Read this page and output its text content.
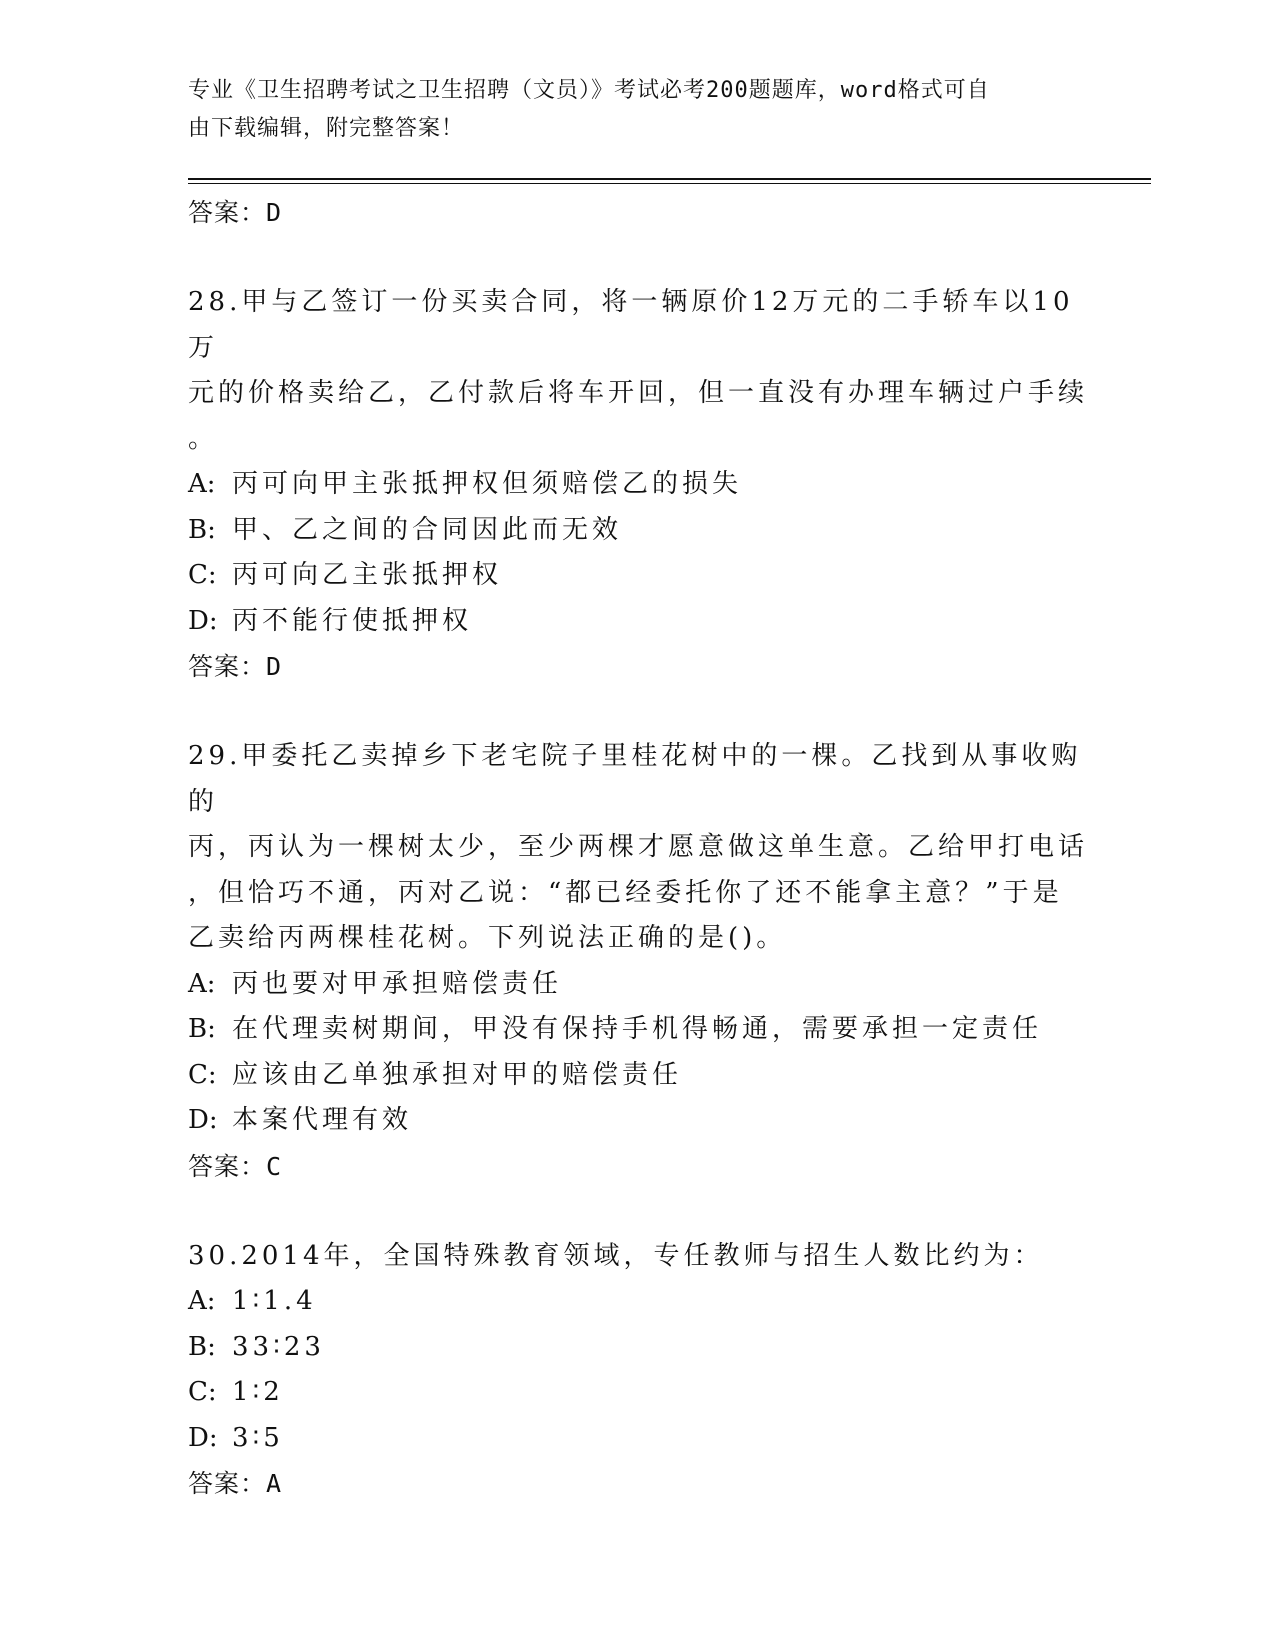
专业《卫生招聘考试之卫生招聘（文员）》考试必考200题题库，word格式可自
由下载编辑，附完整答案！
答案：D
28.甲与乙签订一份买卖合同，将一辆原价12万元的二手轿车以10万
元的价格卖给乙，乙付款后将车开回，但一直没有办理车辆过户手续
。
A: 丙可向甲主张抵押权但须赔偿乙的损失
B: 甲、乙之间的合同因此而无效
C: 丙可向乙主张抵押权
D: 丙不能行使抵押权
答案：D
29.甲委托乙卖掉乡下老宅院子里桂花树中的一棵。乙找到从事收购的
丙，丙认为一棵树太少，至少两棵才愿意做这单生意。乙给甲打电话
，但恰巧不通，丙对乙说：“都已经委托你了还不能拿主意？”于是
乙卖给丙两棵桂花树。下列说法正确的是()。
A: 丙也要对甲承担赔偿责任
B: 在代理卖树期间，甲没有保持手机得畅通，需要承担一定责任
C: 应该由乙单独承担对甲的赔偿责任
D: 本案代理有效
答案：C
30.2014年，全国特殊教育领域，专任教师与招生人数比约为：
A: 1∶1.4
B: 33∶23
C: 1∶2
D: 3∶5
答案：A
